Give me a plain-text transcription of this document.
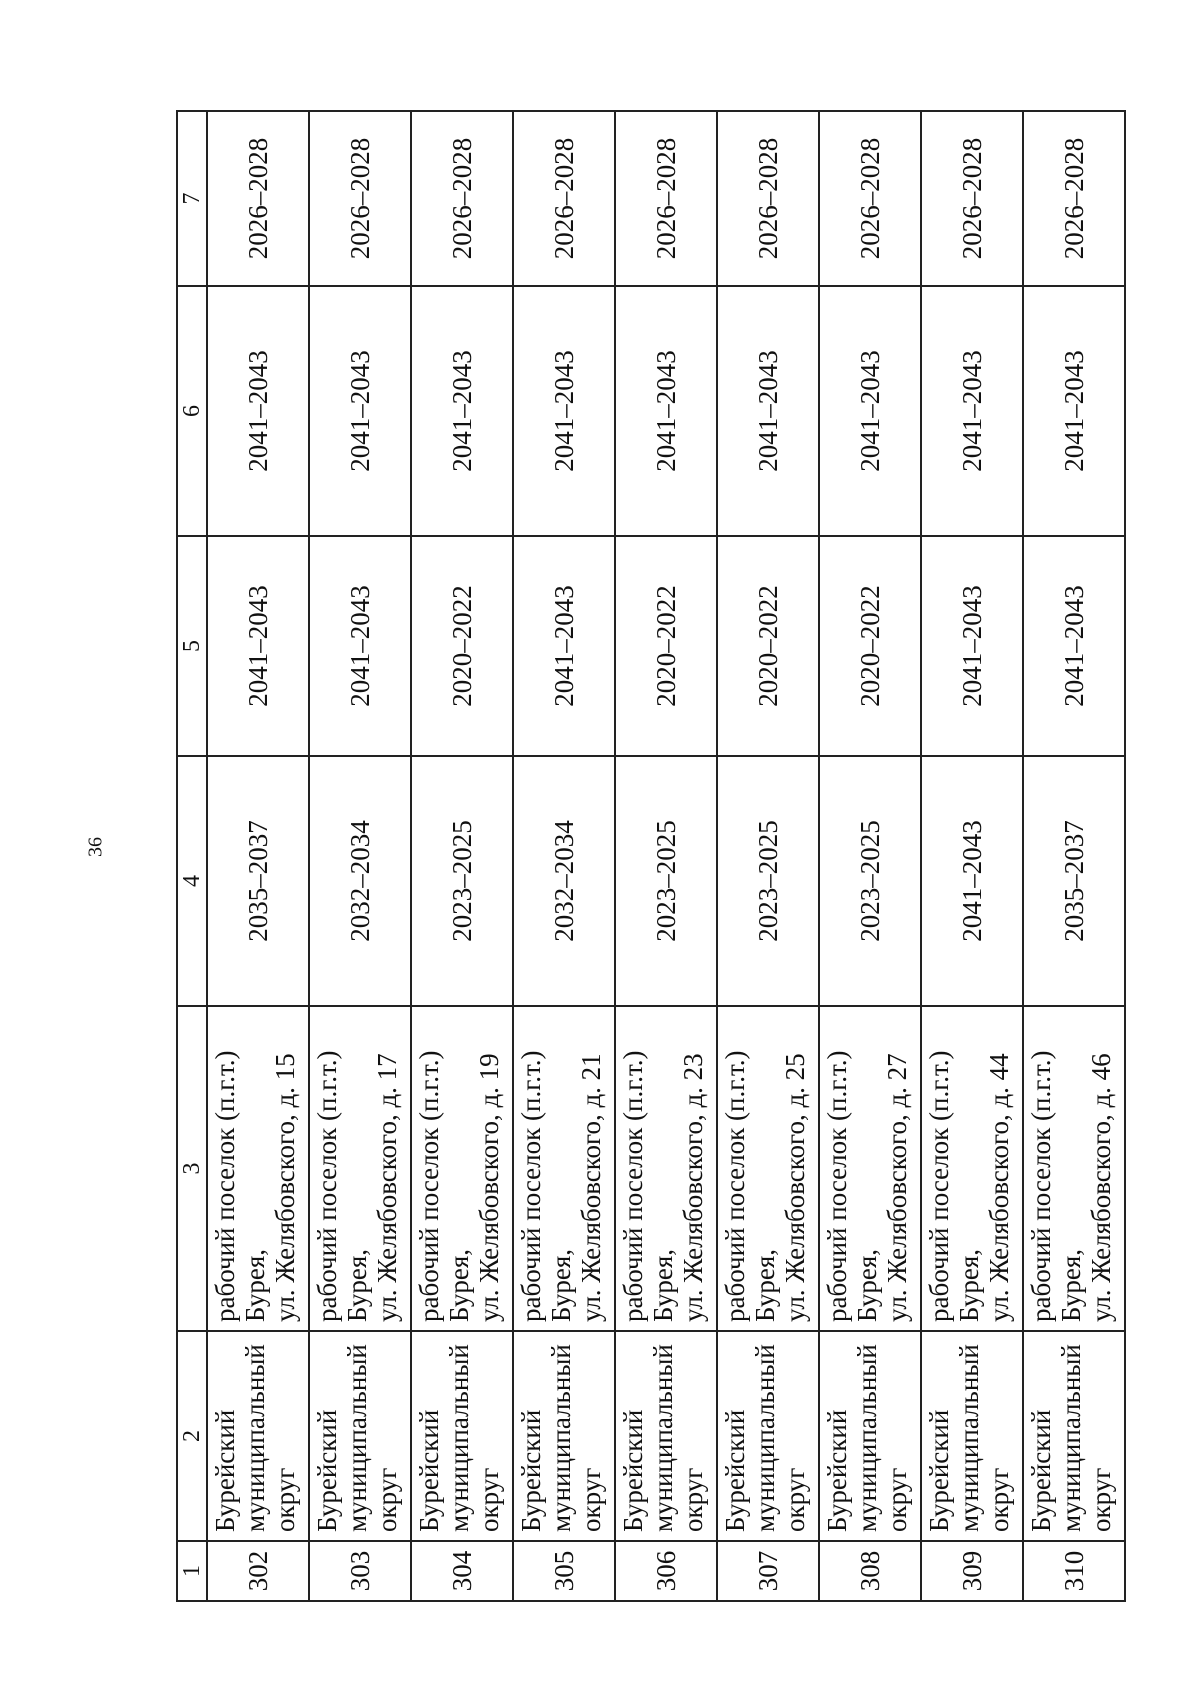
36
1	2	3	4	5	6	7
302	Бурейский муниципальный округ	рабочий поселок (п.г.т.) Бурея, ул. Желябовского, д. 15	2035–2037	2041–2043	2041–2043	2026–2028
303	Бурейский муниципальный округ	рабочий поселок (п.г.т.) Бурея, ул. Желябовского, д. 17	2032–2034	2041–2043	2041–2043	2026–2028
304	Бурейский муниципальный округ	рабочий поселок (п.г.т.) Бурея, ул. Желябовского, д. 19	2023–2025	2020–2022	2041–2043	2026–2028
305	Бурейский муниципальный округ	рабочий поселок (п.г.т.) Бурея, ул. Желябовского, д. 21	2032–2034	2041–2043	2041–2043	2026–2028
306	Бурейский муниципальный округ	рабочий поселок (п.г.т.) Бурея, ул. Желябовского, д. 23	2023–2025	2020–2022	2041–2043	2026–2028
307	Бурейский муниципальный округ	рабочий поселок (п.г.т.) Бурея, ул. Желябовского, д. 25	2023–2025	2020–2022	2041–2043	2026–2028
308	Бурейский муниципальный округ	рабочий поселок (п.г.т.) Бурея, ул. Желябовского, д. 27	2023–2025	2020–2022	2041–2043	2026–2028
309	Бурейский муниципальный округ	рабочий поселок (п.г.т.) Бурея, ул. Желябовского, д. 44	2041–2043	2041–2043	2041–2043	2026–2028
310	Бурейский муниципальный округ	рабочий поселок (п.г.т.) Бурея, ул. Желябовского, д. 46	2035–2037	2041–2043	2041–2043	2026–2028
